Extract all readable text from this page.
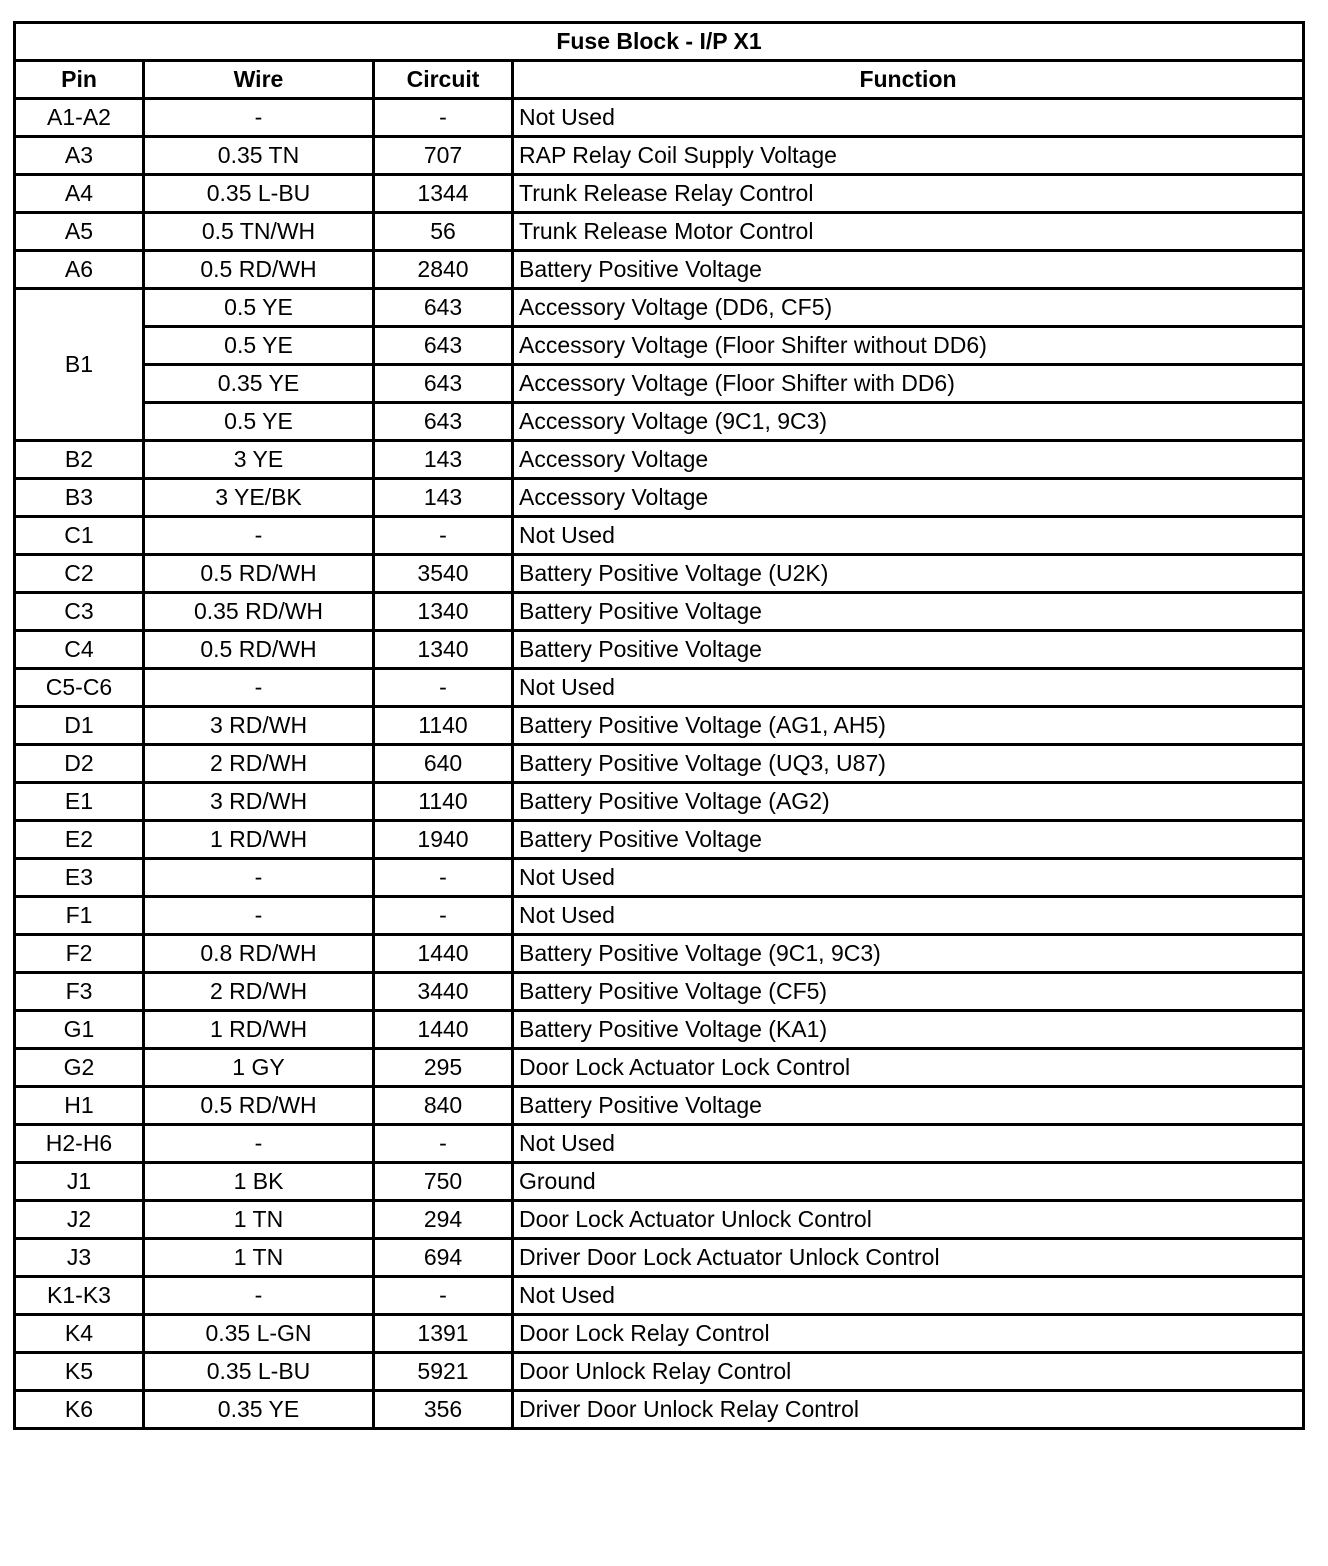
Fuse Block - I/P X1			
Pin	Wire	Circuit	Function
A1-A2	-	-	Not Used
A3	0.35 TN	707	RAP Relay Coil Supply Voltage
A4	0.35 L-BU	1344	Trunk Release Relay Control
A5	0.5 TN/WH	56	Trunk Release Motor Control
A6	0.5 RD/WH	2840	Battery Positive Voltage
B1	0.5 YE	643	Accessory Voltage (DD6, CF5)
	0.5 YE	643	Accessory Voltage (Floor Shifter without DD6)
	0.35 YE	643	Accessory Voltage (Floor Shifter with DD6)
	0.5 YE	643	Accessory Voltage (9C1, 9C3)
B2	3 YE	143	Accessory Voltage
B3	3 YE/BK	143	Accessory Voltage
C1	-	-	Not Used
C2	0.5 RD/WH	3540	Battery Positive Voltage (U2K)
C3	0.35 RD/WH	1340	Battery Positive Voltage
C4	0.5 RD/WH	1340	Battery Positive Voltage
C5-C6	-	-	Not Used
D1	3 RD/WH	1140	Battery Positive Voltage (AG1, AH5)
D2	2 RD/WH	640	Battery Positive Voltage (UQ3, U87)
E1	3 RD/WH	1140	Battery Positive Voltage (AG2)
E2	1 RD/WH	1940	Battery Positive Voltage
E3	-	-	Not Used
F1	-	-	Not Used
F2	0.8 RD/WH	1440	Battery Positive Voltage (9C1, 9C3)
F3	2 RD/WH	3440	Battery Positive Voltage (CF5)
G1	1 RD/WH	1440	Battery Positive Voltage (KA1)
G2	1 GY	295	Door Lock Actuator Lock Control
H1	0.5 RD/WH	840	Battery Positive Voltage
H2-H6	-	-	Not Used
J1	1 BK	750	Ground
J2	1 TN	294	Door Lock Actuator Unlock Control
J3	1 TN	694	Driver Door Lock Actuator Unlock Control
K1-K3	-	-	Not Used
K4	0.35 L-GN	1391	Door Lock Relay Control
K5	0.35 L-BU	5921	Door Unlock Relay Control
K6	0.35 YE	356	Driver Door Unlock Relay Control
